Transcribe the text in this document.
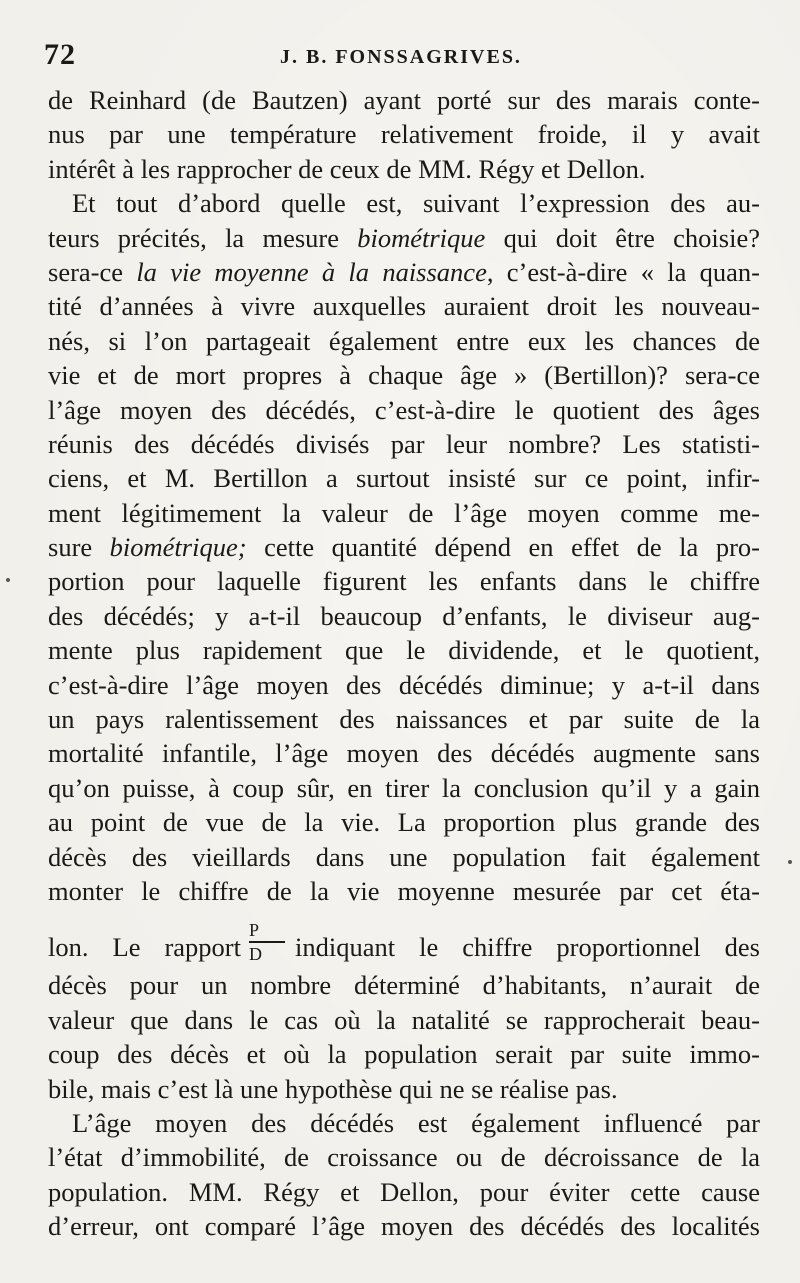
72	J. B. FONSSAGRIVES.
de Reinhard (de Bautzen) ayant porté sur des marais conte-
nus par une température relativement froide, il y avait
intérêt à les rapprocher de ceux de MM. Régy et Dellon.
Et tout d’abord quelle est, suivant l’expression des au-
teurs précités, la mesure biométrique qui doit être choisie?
sera-ce la vie moyenne à la naissance, c’est-à-dire « la quan-
tité d’années à vivre auxquelles auraient droit les nouveau-
nés, si l’on partageait également entre eux les chances de
vie et de mort propres à chaque âge » (Bertillon)? sera-ce
l’âge moyen des décédés, c’est-à-dire le quotient des âges
réunis des décédés divisés par leur nombre? Les statisti-
ciens, et M. Bertillon a surtout insisté sur ce point, infir-
ment légitimement la valeur de l’âge moyen comme me-
sure biométrique; cette quantité dépend en effet de la pro-
portion pour laquelle figurent les enfants dans le chiffre
des décédés; y a-t-il beaucoup d’enfants, le diviseur aug-
mente plus rapidement que le dividende, et le quotient,
c’est-à-dire l’âge moyen des décédés diminue; y a-t-il dans
un pays ralentissement des naissances et par suite de la
mortalité infantile, l’âge moyen des décédés augmente sans
qu’on puisse, à coup sûr, en tirer la conclusion qu’il y a gain
au point de vue de la vie. La proportion plus grande des
décès des vieillards dans une population fait également
monter le chiffre de la vie moyenne mesurée par cet éta-
lon. Le rapport $\frac{P}{D}$ indiquant le chiffre proportionnel des
décès pour un nombre déterminé d’habitants, n’aurait de
valeur que dans le cas où la natalité se rapprocherait beau-
coup des décès et où la population serait par suite immo-
bile, mais c’est là une hypothèse qui ne se réalise pas.
L’âge moyen des décédés est également influencé par
l’état d’immobilité, de croissance ou de décroissance de la
population. MM. Régy et Dellon, pour éviter cette cause
d’erreur, ont comparé l’âge moyen des décédés des localités
